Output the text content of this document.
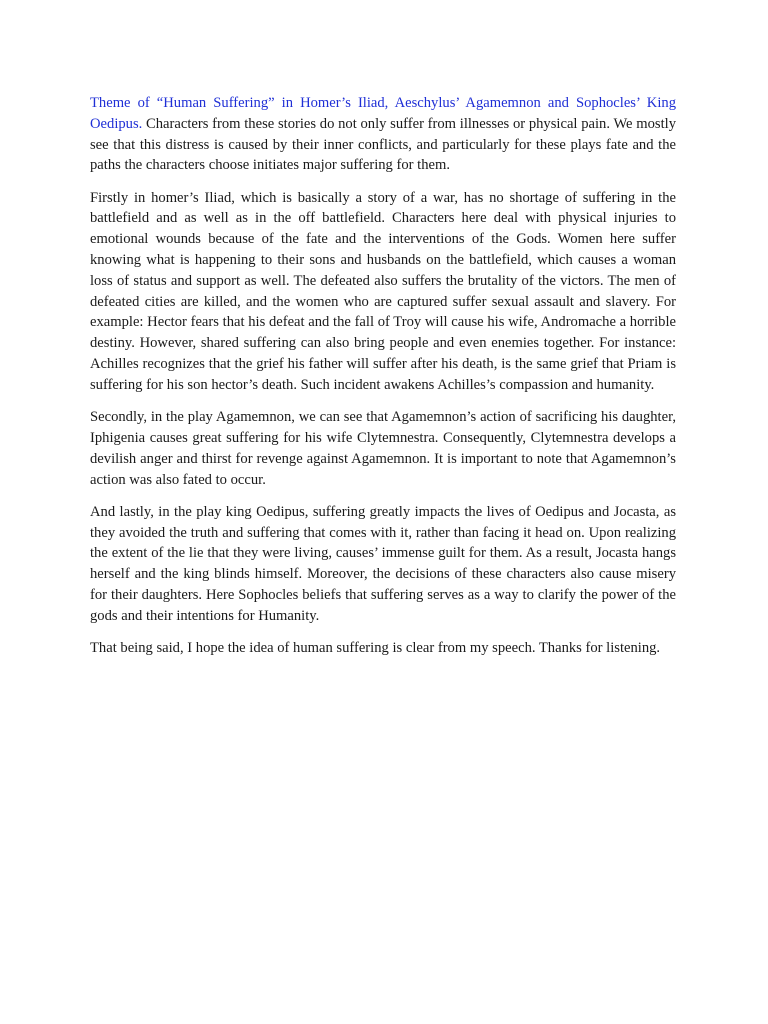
Theme of “Human Suffering” in Homer’s Iliad, Aeschylus’ Agamemnon and Sophocles’ King Oedipus. Characters from these stories do not only suffer from illnesses or physical pain. We mostly see that this distress is caused by their inner conflicts, and particularly for these plays fate and the paths the characters choose initiates major suffering for them.

Firstly in homer’s Iliad, which is basically a story of a war, has no shortage of suffering in the battlefield and as well as in the off battlefield. Characters here deal with physical injuries to emotional wounds because of the fate and the interventions of the Gods. Women here suffer knowing what is happening to their sons and husbands on the battlefield, which causes a woman loss of status and support as well. The defeated also suffers the brutality of the victors. The men of defeated cities are killed, and the women who are captured suffer sexual assault and slavery. For example: Hector fears that his defeat and the fall of Troy will cause his wife, Andromache a horrible destiny. However, shared suffering can also bring people and even enemies together. For instance: Achilles recognizes that the grief his father will suffer after his death, is the same grief that Priam is suffering for his son hector’s death. Such incident awakens Achilles’s compassion and humanity.

Secondly, in the play Agamemnon, we can see that Agamemnon’s action of sacrificing his daughter, Iphigenia causes great suffering for his wife Clytemnestra. Consequently, Clytemnestra develops a devilish anger and thirst for revenge against Agamemnon. It is important to note that Agamemnon’s action was also fated to occur.

And lastly, in the play king Oedipus, suffering greatly impacts the lives of Oedipus and Jocasta, as they avoided the truth and suffering that comes with it, rather than facing it head on. Upon realizing the extent of the lie that they were living, causes’ immense guilt for them. As a result, Jocasta hangs herself and the king blinds himself. Moreover, the decisions of these characters also cause misery for their daughters. Here Sophocles beliefs that suffering serves as a way to clarify the power of the gods and their intentions for Humanity.

That being said, I hope the idea of human suffering is clear from my speech. Thanks for listening.
